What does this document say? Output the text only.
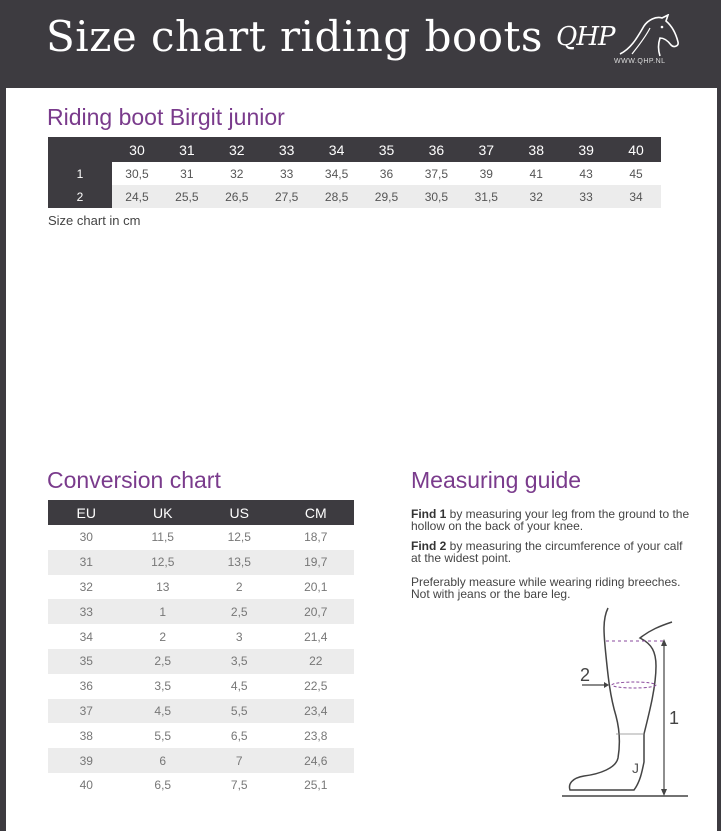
Size chart riding boots QHP
WWW.QHP.NL
Riding boot Birgit junior
	30	31	32	33	34	35	36	37	38	39	40
1	30,5	31	32	33	34,5	36	37,5	39	41	43	45
2	24,5	25,5	26,5	27,5	28,5	29,5	30,5	31,5	32	33	34
Size chart in cm
Conversion chart
EU	UK	US	CM
30	11,5	12,5	18,7
31	12,5	13,5	19,7
32	13	2	20,1
33	1	2,5	20,7
34	2	3	21,4
35	2,5	3,5	22
36	3,5	4,5	22,5
37	4,5	5,5	23,4
38	5,5	6,5	23,8
39	6	7	24,6
40	6,5	7,5	25,1
Measuring guide
Find 1 by measuring your leg from the ground to the hollow on the back of your knee.
Find 2 by measuring the circumference of your calf at the widest point.
Preferably measure while wearing riding breeches. Not with jeans or the bare leg.
J
2
1
